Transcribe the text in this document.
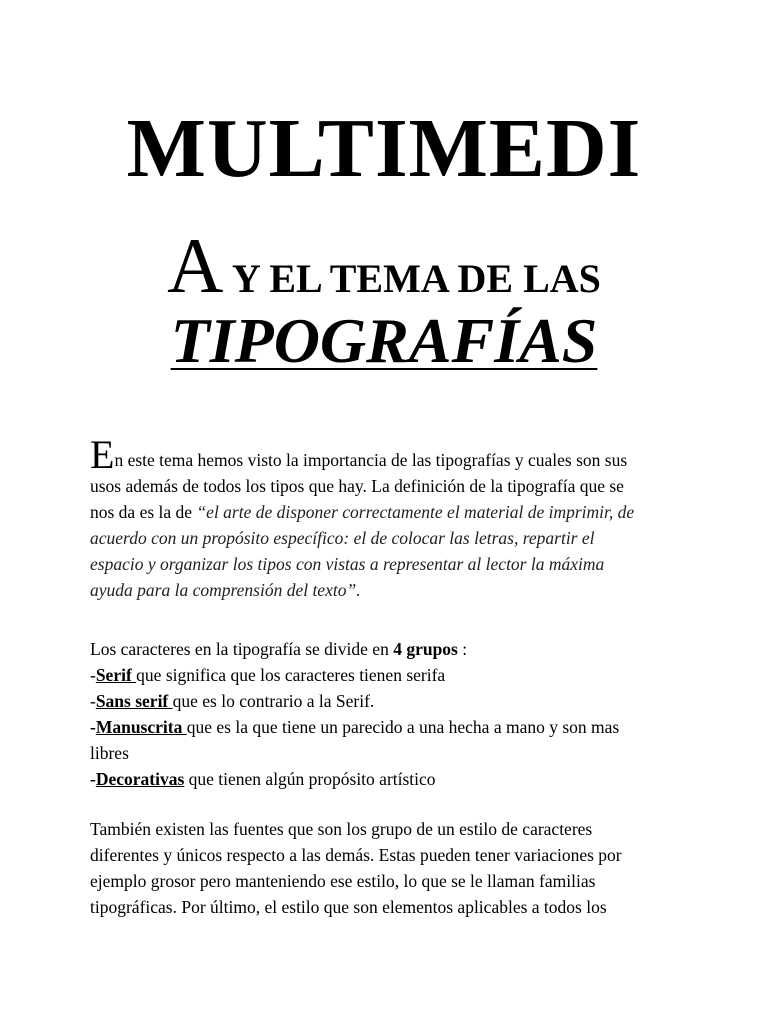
MULTIMEDI
A Y EL TEMA DE LAS
TIPOGRAFÍAS
En este tema hemos visto la importancia de las tipografías y cuales son sus
usos además de todos los tipos que hay. La definición de la tipografía que se
nos da es la de “el arte de disponer correctamente el material de imprimir, de
acuerdo con un propósito específico: el de colocar las letras, repartir el
espacio y organizar los tipos con vistas a representar al lector la máxima
ayuda para la comprensión del texto”.
Los caracteres en la tipografía se divide en 4 grupos :
-Serif que significa que los caracteres tienen serifa
-Sans serif que es lo contrario a la Serif.
-Manuscrita que es la que tiene un parecido a una hecha a mano y son mas
libres
-Decorativas que tienen algún propósito artístico
También existen las fuentes que son los grupo de un estilo de caracteres
diferentes y únicos respecto a las demás. Estas pueden tener variaciones por
ejemplo grosor pero manteniendo ese estilo, lo que se le llaman familias
tipográficas. Por último, el estilo que son elementos aplicables a todos los
